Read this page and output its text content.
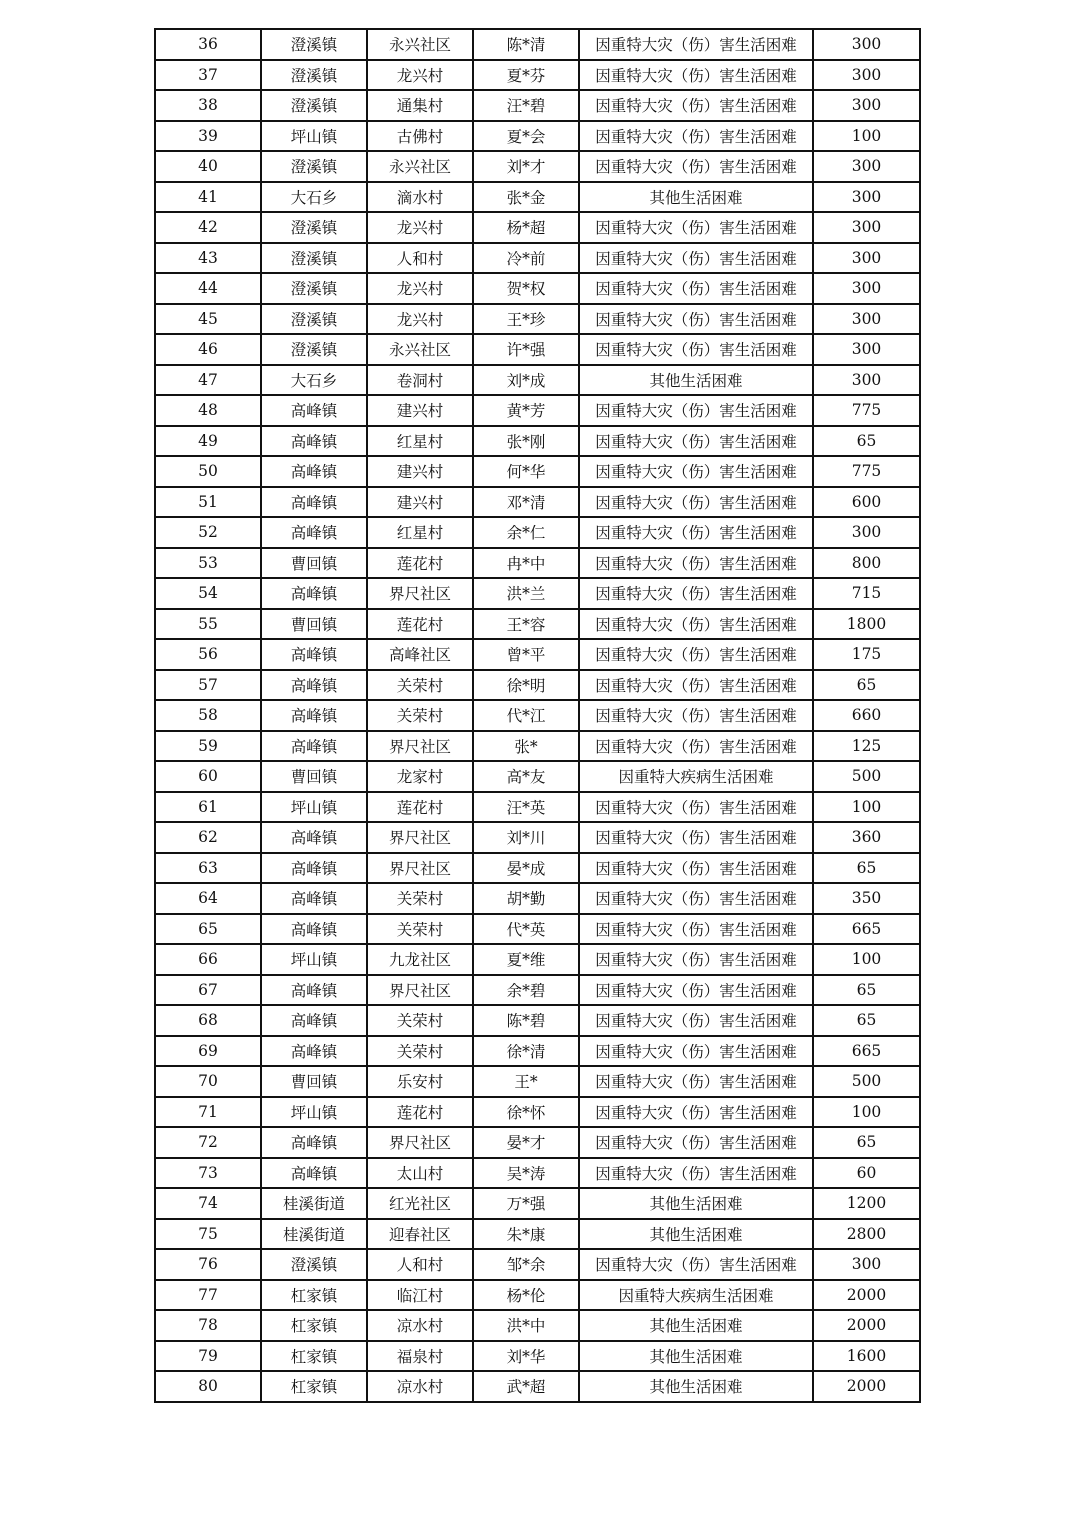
36	澄溪镇	永兴社区	陈*清	因重特大灾（伤）害生活困难	300
37	澄溪镇	龙兴村	夏*芬	因重特大灾（伤）害生活困难	300
38	澄溪镇	通集村	汪*碧	因重特大灾（伤）害生活困难	300
39	坪山镇	古佛村	夏*会	因重特大灾（伤）害生活困难	100
40	澄溪镇	永兴社区	刘*才	因重特大灾（伤）害生活困难	300
41	大石乡	滴水村	张*金	其他生活困难	300
42	澄溪镇	龙兴村	杨*超	因重特大灾（伤）害生活困难	300
43	澄溪镇	人和村	冷*前	因重特大灾（伤）害生活困难	300
44	澄溪镇	龙兴村	贺*权	因重特大灾（伤）害生活困难	300
45	澄溪镇	龙兴村	王*珍	因重特大灾（伤）害生活困难	300
46	澄溪镇	永兴社区	许*强	因重特大灾（伤）害生活困难	300
47	大石乡	卷洞村	刘*成	其他生活困难	300
48	高峰镇	建兴村	黄*芳	因重特大灾（伤）害生活困难	775
49	高峰镇	红星村	张*刚	因重特大灾（伤）害生活困难	65
50	高峰镇	建兴村	何*华	因重特大灾（伤）害生活困难	775
51	高峰镇	建兴村	邓*清	因重特大灾（伤）害生活困难	600
52	高峰镇	红星村	余*仁	因重特大灾（伤）害生活困难	300
53	曹回镇	莲花村	冉*中	因重特大灾（伤）害生活困难	800
54	高峰镇	界尺社区	洪*兰	因重特大灾（伤）害生活困难	715
55	曹回镇	莲花村	王*容	因重特大灾（伤）害生活困难	1800
56	高峰镇	高峰社区	曾*平	因重特大灾（伤）害生活困难	175
57	高峰镇	关荣村	徐*明	因重特大灾（伤）害生活困难	65
58	高峰镇	关荣村	代*江	因重特大灾（伤）害生活困难	660
59	高峰镇	界尺社区	张*	因重特大灾（伤）害生活困难	125
60	曹回镇	龙家村	高*友	因重特大疾病生活困难	500
61	坪山镇	莲花村	汪*英	因重特大灾（伤）害生活困难	100
62	高峰镇	界尺社区	刘*川	因重特大灾（伤）害生活困难	360
63	高峰镇	界尺社区	晏*成	因重特大灾（伤）害生活困难	65
64	高峰镇	关荣村	胡*勤	因重特大灾（伤）害生活困难	350
65	高峰镇	关荣村	代*英	因重特大灾（伤）害生活困难	665
66	坪山镇	九龙社区	夏*维	因重特大灾（伤）害生活困难	100
67	高峰镇	界尺社区	余*碧	因重特大灾（伤）害生活困难	65
68	高峰镇	关荣村	陈*碧	因重特大灾（伤）害生活困难	65
69	高峰镇	关荣村	徐*清	因重特大灾（伤）害生活困难	665
70	曹回镇	乐安村	王*	因重特大灾（伤）害生活困难	500
71	坪山镇	莲花村	徐*怀	因重特大灾（伤）害生活困难	100
72	高峰镇	界尺社区	晏*才	因重特大灾（伤）害生活困难	65
73	高峰镇	太山村	吴*涛	因重特大灾（伤）害生活困难	60
74	桂溪街道	红光社区	万*强	其他生活困难	1200
75	桂溪街道	迎春社区	朱*康	其他生活困难	2800
76	澄溪镇	人和村	邹*余	因重特大灾（伤）害生活困难	300
77	杠家镇	临江村	杨*伦	因重特大疾病生活困难	2000
78	杠家镇	凉水村	洪*中	其他生活困难	2000
79	杠家镇	福泉村	刘*华	其他生活困难	1600
80	杠家镇	凉水村	武*超	其他生活困难	2000
